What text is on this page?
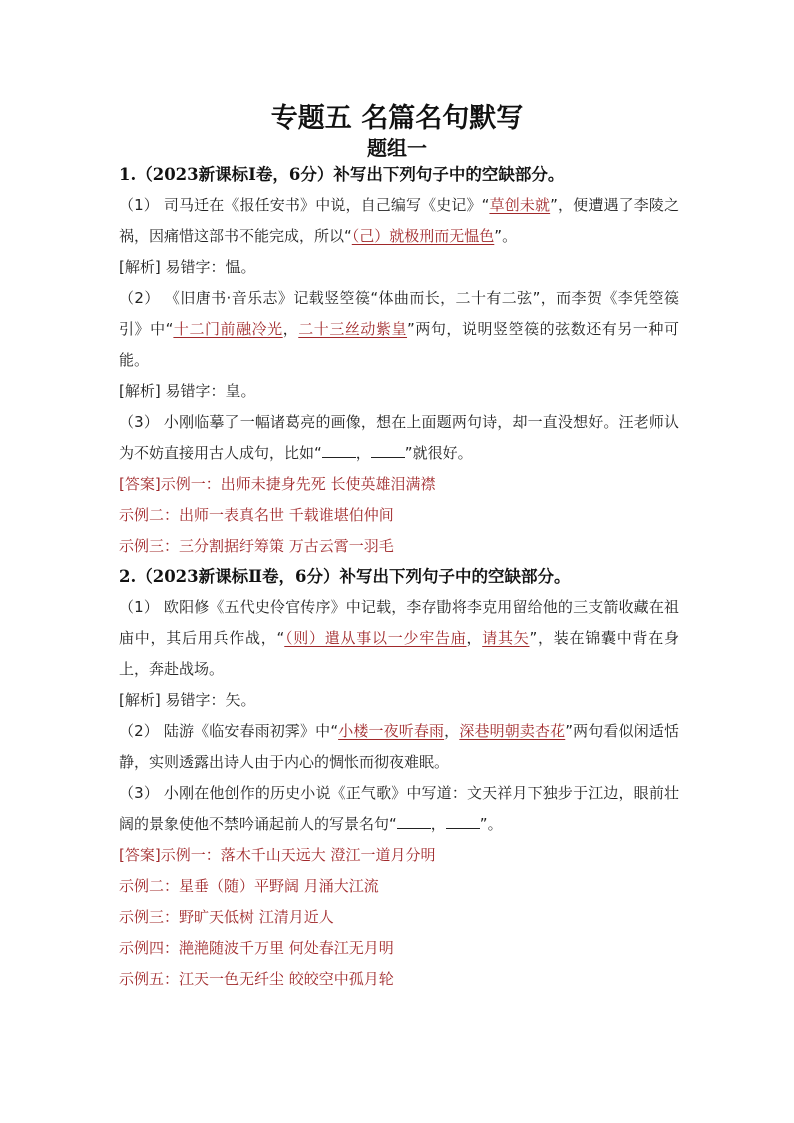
专题五 名篇名句默写
题组一

1.（2023新课标Ⅰ卷，6分）补写出下列句子中的空缺部分。

（1） 司马迁在《报任安书》中说，自己编写《史记》“草创未就”，便遭遇了李陵之祸，因痛惜这部书不能完成，所以“（己）就极刑而无愠色”。

[解析] 易错字：愠。

（2） 《旧唐书·音乐志》记载竖箜篌“体曲而长，二十有二弦”，而李贺《李凭箜篌引》中“十二门前融冷光，二十三丝动紫皇”两句，说明竖箜篌的弦数还有另一种可能。

[解析] 易错字：皇。

（3） 小刚临摹了一幅诸葛亮的画像，想在上面题两句诗，却一直没想好。汪老师认为不妨直接用古人成句，比如“ ， ”就很好。

[答案]示例一：出师未捷身先死 长使英雄泪满襟

示例二：出师一表真名世 千载谁堪伯仲间

示例三：三分割据纡筹策 万古云霄一羽毛

2.（2023新课标Ⅱ卷，6分）补写出下列句子中的空缺部分。

（1） 欧阳修《五代史伶官传序》中记载，李存勖将李克用留给他的三支箭收藏在祖庙中，其后用兵作战，“（则）遣从事以一少牢告庙，请其矢”，装在锦囊中背在身上，奔赴战场。

[解析] 易错字：矢。

（2） 陆游《临安春雨初霁》中“小楼一夜听春雨，深巷明朝卖杏花”两句看似闲适恬静，实则透露出诗人由于内心的惆怅而彻夜难眠。

（3） 小刚在他创作的历史小说《正气歌》中写道：文天祥月下独步于江边，眼前壮阔的景象使他不禁吟诵起前人的写景名句“ ， ”。

[答案]示例一：落木千山天远大 澄江一道月分明

示例二：星垂（随）平野阔 月涌大江流

示例三：野旷天低树 江清月近人

示例四：滟滟随波千万里 何处春江无月明

示例五：江天一色无纤尘 皎皎空中孤月轮
